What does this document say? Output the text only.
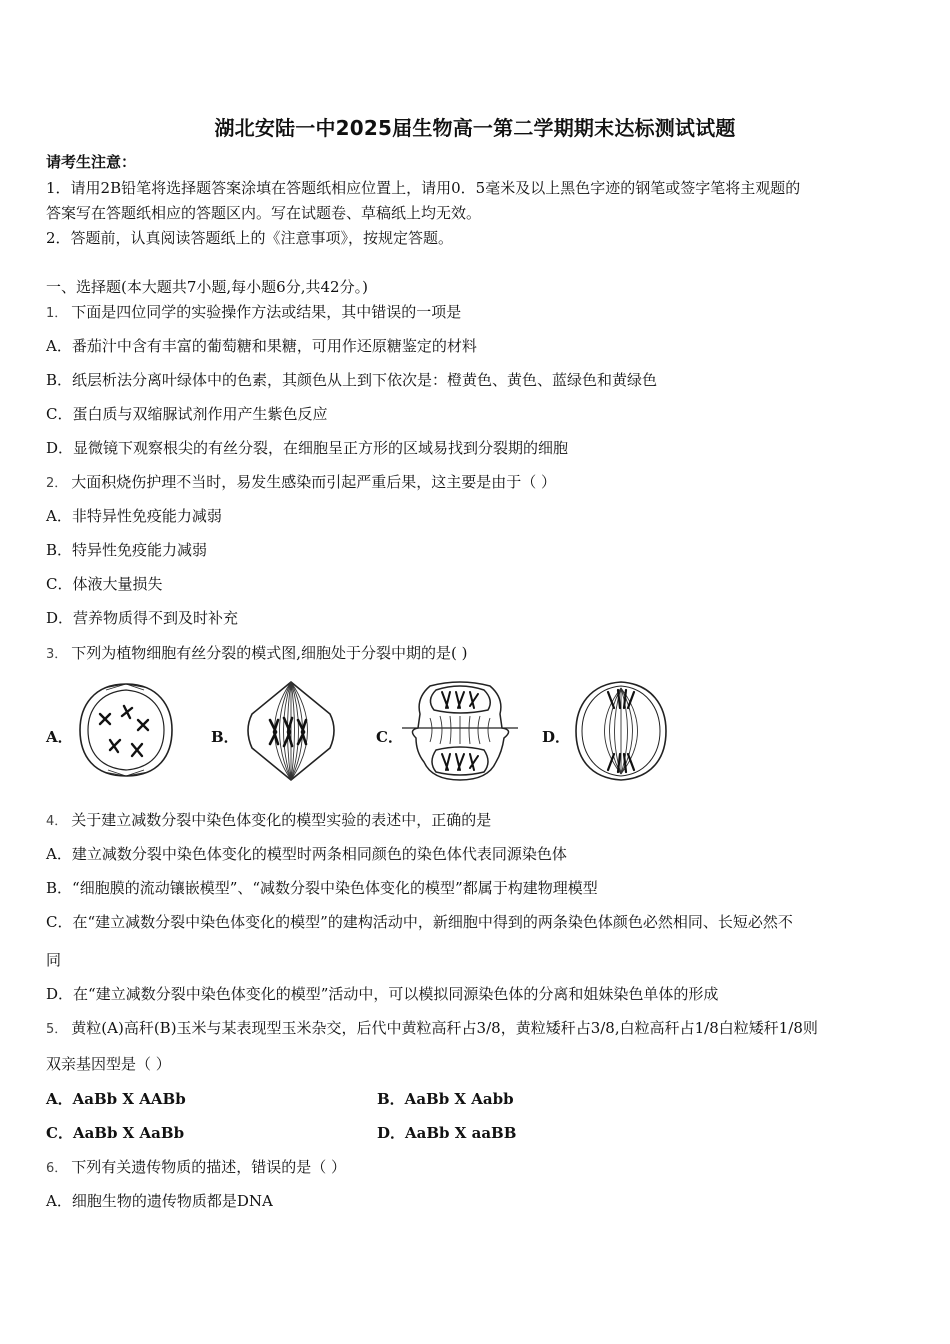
湖北安陆一中2025届生物高一第二学期期末达标测试试题
请考生注意：
1．请用2B铅笔将选择题答案涂填在答题纸相应位置上，请用0．5毫米及以上黑色字迹的钢笔或签字笔将主观题的
答案写在答题纸相应的答题区内。写在试题卷、草稿纸上均无效。
2．答题前，认真阅读答题纸上的《注意事项》，按规定答题。
一、选择题(本大题共7小题,每小题6分,共42分。)
1． 下面是四位同学的实验操作方法或结果，其中错误的一项是
A．番茄汁中含有丰富的葡萄糖和果糖，可用作还原糖鉴定的材料
B．纸层析法分离叶绿体中的色素，其颜色从上到下依次是：橙黄色、黄色、蓝绿色和黄绿色
C．蛋白质与双缩脲试剂作用产生紫色反应
D．显微镜下观察根尖的有丝分裂，在细胞呈正方形的区域易找到分裂期的细胞
2． 大面积烧伤护理不当时，易发生感染而引起严重后果，这主要是由于（ ）
A．非特异性免疫能力减弱
B．特异性免疫能力减弱
C．体液大量损失
D．营养物质得不到及时补充
3． 下列为植物细胞有丝分裂的模式图,细胞处于分裂中期的是( )
A．	B．	C．	D．
4． 关于建立减数分裂中染色体变化的模型实验的表述中，正确的是
A．建立减数分裂中染色体变化的模型时两条相同颜色的染色体代表同源染色体
B．“细胞膜的流动镶嵌模型”、“减数分裂中染色体变化的模型”都属于构建物理模型
C．在“建立减数分裂中染色体变化的模型”的建构活动中，新细胞中得到的两条染色体颜色必然相同、长短必然不
同
D．在“建立减数分裂中染色体变化的模型”活动中，可以模拟同源染色体的分离和姐妹染色单体的形成
5． 黄粒(A)高秆(B)玉米与某表现型玉米杂交，后代中黄粒高秆占3/8，黄粒矮秆占3/8,白粒高秆占1/8白粒矮秆1/8则
双亲基因型是（ ）
A．AaBb X AABb	B．AaBb X Aabb
C．AaBb X AaBb	D．AaBb X aaBB
6． 下列有关遗传物质的描述，错误的是（ ）
A．细胞生物的遗传物质都是DNA
